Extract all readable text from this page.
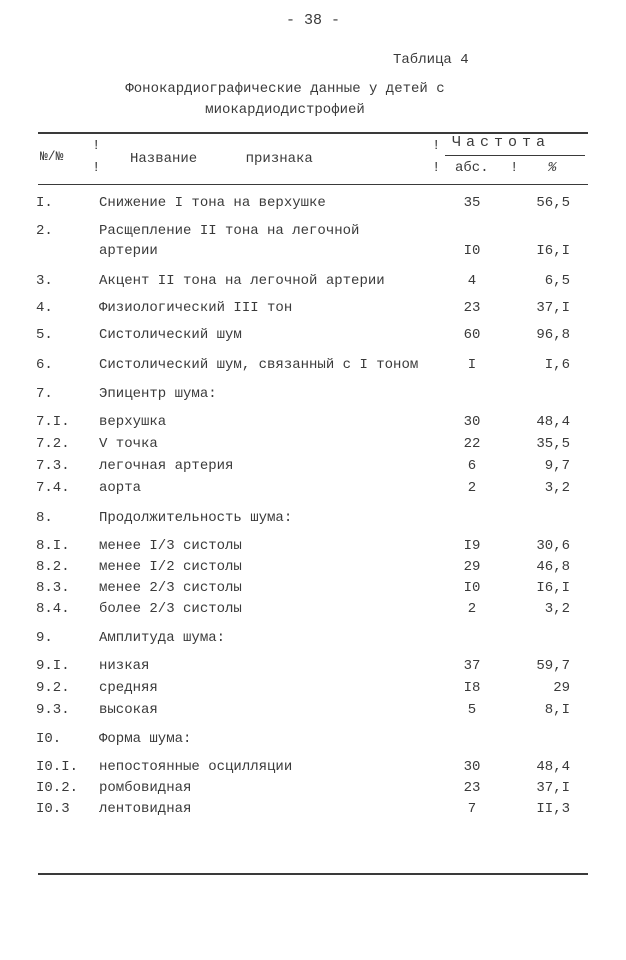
- 38 -
Таблица 4
Фонокардиографические данные у детей с
миокардиодистрофией
№/№
!
!
Название признака
!
!
Частота
абс. ! %
I.	Снижение I тона на верхушке	35	56,5
2.	Расщепление II тона на легочной
артерии	I0	I6,I
3.	Акцент II тона на легочной артерии	4	6,5
4.	Физиологический III тон	23	37,I
5.	Систолический шум	60	96,8
6.	Систолический шум, связанный с I тоном	I	I,6
7.	Эпицентр шума:
7.I. верхушка	30	48,4
7.2. V точка	22	35,5
7.3. легочная артерия	6	9,7
7.4. аорта	2	3,2
8.	Продолжительность шума:
8.I. менее I/3 систолы	I9	30,6
8.2. менее I/2 систолы	29	46,8
8.3. менее 2/3 систолы	I0	I6,I
8.4. более 2/3 систолы	2	3,2
9.	Амплитуда шума:
9.I. низкая	37	59,7
9.2. средняя	I8	29
9.3. высокая	5	8,I
I0.	Форма шума:
I0.I. непостоянные осцилляции	30	48,4
I0.2. ромбовидная	23	37,I
I0.3 лентовидная	7	II,3
